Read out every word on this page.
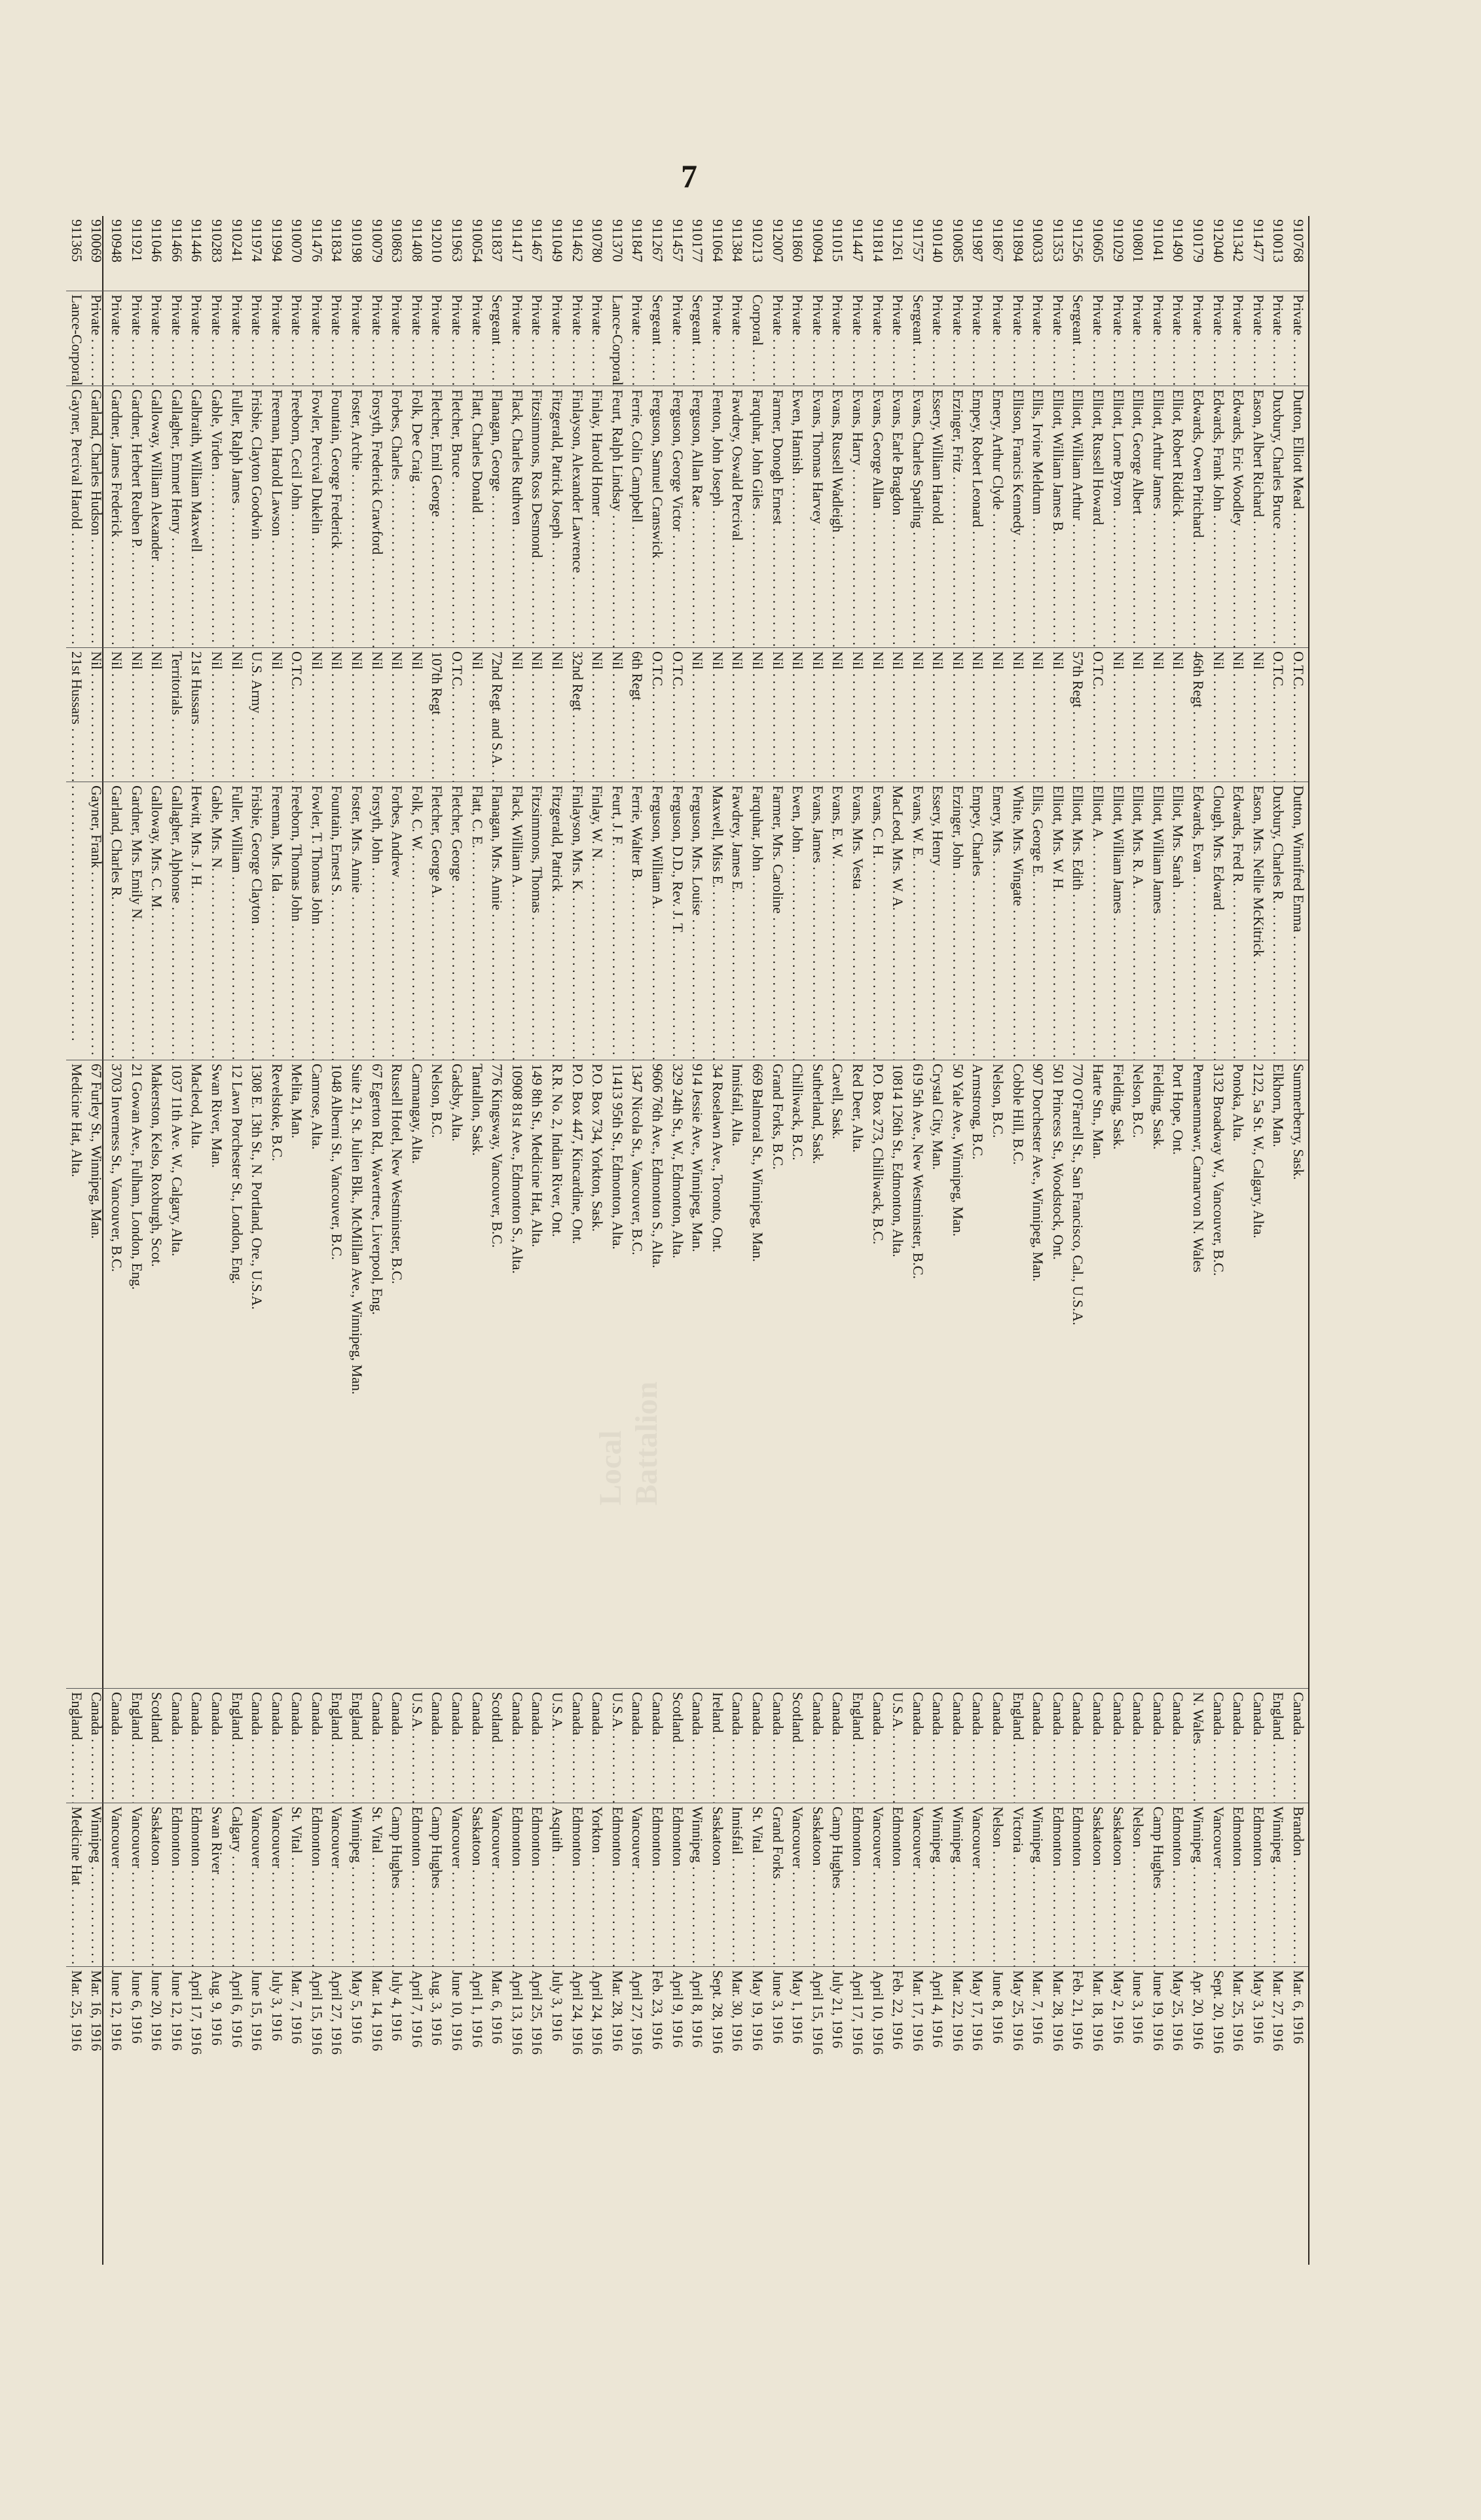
7
Local Battalion
910768
Private . . .
Dutton, Elliott Mead . . .
O.T.C. . . .
Dutton, Winnifred Emma . . .
Summerberry, Sask.
Canada . . .
Brandon . . .
Mar. 6, 1916
910013
Private . . .
Duxbury, Charles Bruce . . .
O.T.C. . . .
Duxbury, Charles R. . . .
Elkhorn, Man.
England . . .
Winnipeg . . .
Mar. 27, 1916
911477
Private . . .
Eason, Albert Richard . . .
Nil . . .
Eason, Mrs. Nellie McKitrick . . .
2122, 5a St. W., Calgary, Alta.
Canada . . .
Edmonton . . .
May 3, 1916
911342
Private . . .
Edwards, Eric Woodley . . .
Nil . . .
Edwards, Fred R. . . .
Ponoka, Alta.
Canada . . .
Edmonton . . .
Mar. 25, 1916
912040
Private . . .
Edwards, Frank John . . .
Nil . . .
Clough, Mrs. Edward . . .
3132 Broadway W., Vancouver, B.C.
Canada . . .
Vancouver . . .
Sept. 20, 1916
910179
Private . . .
Edwards, Owen Pritchard . . .
46th Regt . . .
Edwards, Evan . . .
Penmaenmawr, Carnarvon N. Wales
N. Wales . . .
Winnipeg . . .
Apr. 20, 1916
911490
Private . . .
Elliot, Robert Riddick . . .
Nil . . .
Elliot, Mrs. Sarah . . .
Port Hope, Ont.
Canada . . .
Edmonton . . .
May 25, 1916
911041
Private . . .
Elliott, Arthur James . . .
Nil . . .
Elliott, William James . . .
Fielding, Sask.
Canada . . .
Camp Hughes . . .
June 19, 1916
910801
Private . . .
Elliott, George Albert . . .
Nil . . .
Elliott, Mrs. R. A. . . .
Nelson, B.C.
Canada . . .
Nelson . . .
June 3, 1916
911029
Private . . .
Elliott, Lorne Byron . . .
Nil . . .
Elliott, William James . . .
Fielding, Sask.
Canada . . .
Saskatoon . . .
May 2, 1916
910605
Private . . .
Elliott, Russell Howard . . .
O.T.C. . . .
Elliott, A. . . .
Harte Stn., Man.
Canada . . .
Saskatoon . . .
Mar. 18, 1916
911256
Sergeant . . .
Elliott, William Arthur . . .
57th Regt . . .
Elliott, Mrs. Edith . . .
770 O'Farrell St., San Francisco, Cal., U.S.A.
Canada . . .
Edmonton . . .
Feb. 21, 1916
911353
Private . . .
Elliott, William James B. . . .
Nil . . .
Elliott, Mrs. W. H. . . .
501 Princess St., Woodstock, Ont.
Canada . . .
Edmonton . . .
Mar. 28, 1916
910033
Private . . .
Ellis, Irvine Meldrum . . .
Nil . . .
Ellis, George E. . . .
907 Dorchester Ave., Winnipeg, Man.
Canada . . .
Winnipeg . . .
Mar. 7, 1916
911894
Private . . .
Ellison, Francis Kennedy . . .
Nil . . .
White, Mrs. Wingate . . .
Cobble Hill, B.C.
England . . .
Victoria . . .
May 25, 1916
911867
Private . . .
Emery, Arthur Clyde . . .
Nil . . .
Emery, Mrs. . . .
Nelson, B.C.
Canada . . .
Nelson . . .
June 8, 1916
911987
Private . . .
Empey, Robert Leonard . . .
Nil . . .
Empey, Charles . . .
Armstrong, B.C.
Canada . . .
Vancouver . . .
May 17, 1916
910085
Private . . .
Erzinger, Fritz . . .
Nil . . .
Erzinger, John . . .
50 Yale Ave., Winnipeg, Man.
Canada . . .
Winnipeg . . .
Mar. 22, 1916
910140
Private . . .
Essery, William Harold . . .
Nil . . .
Essery, Henry . . .
Crystal City, Man.
Canada . . .
Winnipeg . . .
April 4, 1916
911757
Sergeant . . .
Evans, Charles Sparling . . .
Nil . . .
Evans, W. E. . . .
619 5th Ave., New Westminster, B.C.
Canada . . .
Vancouver . . .
Mar. 17, 1916
911261
Private . . .
Evans, Earle Bragdon . . .
Nil . . .
MacLeod, Mrs. W. A. . . .
10814 126th St., Edmonton, Alta.
U.S.A. . . .
Edmonton . . .
Feb. 22, 1916
911814
Private . . .
Evans, George Allan . . .
Nil . . .
Evans, C. H. . . .
P.O. Box 273, Chilliwack, B.C.
Canada . . .
Vancouver . . .
April 10, 1916
911447
Private . . .
Evans, Harry . . .
Nil . . .
Evans, Mrs. Vesta . . .
Red Deer, Alta.
England . . .
Edmonton . . .
April 17, 1916
911015
Private . . .
Evans, Russell Wadleigh . . .
Nil . . .
Evans, E. W. . . .
Cavell, Sask.
Canada . . .
Camp Hughes . . .
July 21, 1916
910094
Private . . .
Evans, Thomas Harvey . . .
Nil . . .
Evans, James . . .
Sutherland, Sask.
Canada . . .
Saskatoon . . .
April 15, 1916
911860
Private . . .
Ewen, Hamish . . .
Nil . . .
Ewen, John . . .
Chilliwack, B.C.
Scotland . . .
Vancouver . . .
May 1, 1916
912007
Private . . .
Farmer, Donogh Ernest . . .
Nil . . .
Farmer, Mrs. Caroline . . .
Grand Forks, B.C.
Canada . . .
Grand Forks . . .
June 3, 1916
910213
Corporal . . .
Farquhar, John Giles . . .
Nil . . .
Farquhar, John . . .
669 Balmoral St., Winnipeg, Man.
Canada . . .
St. Vital . . .
May 19, 1916
911384
Private . . .
Fawdrey, Oswald Percival . . .
Nil . . .
Fawdrey, James E. . . .
Innisfail, Alta.
Canada . . .
Innisfail . . .
Mar. 30, 1916
911064
Private . . .
Fenton, John Joseph . . .
Nil . . .
Maxwell, Miss E. . . .
34 Roselawn Ave., Toronto, Ont.
Ireland . . .
Saskatoon . . .
Sept. 28, 1916
910177
Sergeant . . .
Ferguson, Allan Rae . . .
Nil . . .
Ferguson, Mrs. Louise . . .
914 Jessie Ave., Winnipeg, Man.
Canada . . .
Winnipeg . . .
April 8, 1916
911457
Private . . .
Ferguson, George Victor . . .
O.T.C. . . .
Ferguson, D.D., Rev. J. T. . . .
329 24th St., W., Edmonton, Alta.
Scotland . . .
Edmonton . . .
April 9, 1916
911267
Sergeant . . .
Ferguson, Samuel Cranswick . . .
O.T.C. . . .
Ferguson, William A. . . .
9606 76th Ave., Edmonton S., Alta.
Canada . . .
Edmonton . . .
Feb. 23, 1916
911847
Private . . .
Ferrie, Colin Campbell . . .
6th Regt . . .
Ferrie, Walter B. . . .
1347 Nicola St., Vancouver, B.C.
Canada . . .
Vancouver . . .
April 27, 1916
911370
Lance-Corporal . . .
Feurt, Ralph Lindsay . . .
Nil . . .
Feurt, J. F. . . .
11413 95th St., Edmonton, Alta.
U.S.A. . . .
Edmonton . . .
Mar. 28, 1916
910780
Private . . .
Finlay, Harold Homer . . .
Nil . . .
Finlay, W. N. . . .
P.O. Box 734, Yorkton, Sask.
Canada . . .
Yorkton . . .
April 24, 1916
911462
Private . . .
Finlayson, Alexander Lawrence . . .
32nd Regt . . .
Finlayson, Mrs. K. . . .
P.O. Box 447, Kincardine, Ont.
Canada . . .
Edmonton . . .
April 24, 1916
911049
Private . . .
Fitzgerald, Patrick Joseph . . .
Nil . . .
Fitzgerald, Patrick . . .
R.R. No. 2, Indian River, Ont.
U.S.A. . . .
Asquith . . .
July 3, 1916
911467
Private . . .
Fitzsimmons, Ross Desmond . . .
Nil . . .
Fitzsimmons, Thomas . . .
149 8th St., Medicine Hat, Alta.
Canada . . .
Edmonton . . .
April 25, 1916
911417
Private . . .
Flack, Charles Ruthven . . .
Nil . . .
Flack, William A. . . .
10908 81st Ave., Edmonton S., Alta.
Canada . . .
Edmonton . . .
April 13, 1916
911837
Sergeant . . .
Flanagan, George . . .
72nd Regt. and S.A. . . .
Flanagan, Mrs. Annie . . .
776 Kingsway, Vancouver, B.C.
Scotland . . .
Vancouver . . .
Mar. 6, 1916
910054
Private . . .
Flatt, Charles Donald . . .
Nil . . .
Flatt, C. E. . . .
Tantallon, Sask.
Canada . . .
Saskatoon . . .
April 1, 1916
911963
Private . . .
Fletcher, Bruce . . .
O.T.C. . . .
Fletcher, George . . .
Gadsby, Alta.
Canada . . .
Vancouver . . .
June 10, 1916
912010
Private . . .
Fletcher, Emil George . . .
107th Regt . . .
Fletcher, George A. . . .
Nelson, B.C.
Canada . . .
Camp Hughes . . .
Aug. 3, 1916
911408
Private . . .
Folk, Dee Craig . . .
Nil . . .
Folk, C. W. . . .
Carmangay, Alta.
U.S.A. . . .
Edmonton . . .
April 7, 1916
910863
Private . . .
Forbes, Charles . . .
Nil . . .
Forbes, Andrew . . .
Russell Hotel, New Westminster, B.C.
Canada . . .
Camp Hughes . . .
July 4, 1916
910079
Private . . .
Forsyth, Frederick Crawford . . .
Nil . . .
Forsyth, John . . .
67 Egerton Rd., Wavertree, Liverpool, Eng.
Canada . . .
St. Vital . . .
Mar. 14, 1916
910198
Private . . .
Foster, Archie . . .
Nil . . .
Foster, Mrs. Annie . . .
Suite 21, St. Julien Blk., McMillan Ave., Winnipeg, Man.
England . . .
Winnipeg . . .
May 5, 1916
911834
Private . . .
Fountain, George Frederick . . .
Nil . . .
Fountain, Ernest S. . . .
1048 Alberni St., Vancouver, B.C.
England . . .
Vancouver . . .
April 27, 1916
911476
Private . . .
Fowler, Percival Dukelin . . .
Nil . . .
Fowler, T. Thomas John . . .
Camrose, Alta.
Canada . . .
Edmonton . . .
April 15, 1916
910070
Private . . .
Freeborn, Cecil John . . .
O.T.C. . . .
Freeborn, Thomas John . . .
Melita, Man.
Canada . . .
St. Vital . . .
Mar. 7, 1916
911994
Private . . .
Freeman, Harold Lawson . . .
Nil . . .
Freeman, Mrs. Ida . . .
Revelstoke, B.C.
Canada . . .
Vancouver . . .
July 3, 1916
911974
Private . . .
Frisbie, Clayton Goodwin . . .
U.S. Army . . .
Frisbie, George Clayton . . .
1308 E. 13th St., N. Portland, Ore., U.S.A.
Canada . . .
Vancouver . . .
June 15, 1916
910241
Private . . .
Fuller, Ralph James . . .
Nil . . .
Fuller, William . . .
12 Lawn Porchester St., London, Eng.
England . . .
Calgary . . .
April 6, 1916
910283
Private . . .
Gable, Virden . . .
Nil . . .
Gable, Mrs. N. . . .
Swan River, Man.
Canada . . .
Swan River . . .
Aug. 9, 1916
911446
Private . . .
Galbraith, William Maxwell . . .
21st Hussars . . .
Hewitt, Mrs. J. H. . . .
Macleod, Alta.
Canada . . .
Edmonton . . .
April 17, 1916
911466
Private . . .
Gallagher, Emmet Henry . . .
Territorials . . .
Gallagher, Alphonse . . .
1037 11th Ave. W., Calgary, Alta.
Canada . . .
Edmonton . . .
June 12, 1916
911046
Private . . .
Galloway, William Alexander . . .
Nil . . .
Galloway, Mrs. C. M. . . .
Makerston, Kelso, Roxburgh, Scot.
Scotland . . .
Saskatoon . . .
June 20, 1916
911921
Private . . .
Gardner, Herbert Reuben P. . . .
Nil . . .
Gardner, Mrs. Emily N. . . .
21 Gowan Ave., Fulham, London, Eng.
England . . .
Vancouver . . .
June 6, 1916
910948
Private . . .
Gardner, James Frederick . . .
Nil . . .
Garland, Charles R. . . .
3703 Inverness St., Vancouver, B.C.
Canada . . .
Vancouver . . .
June 12, 1916
910069
Private . . .
Garland, Charles Hudson . . .
Nil . . .
Gayner, Frank . . .
67 Furley St., Winnipeg, Man.
Canada . . .
Winnipeg . . .
Mar. 16, 1916
911365
Lance-Corporal . . .
Gayner, Percival Harold . . .
21st Hussars . . .
. . .
Medicine Hat, Alta.
England . . .
Medicine Hat . . .
Mar. 25, 1916
